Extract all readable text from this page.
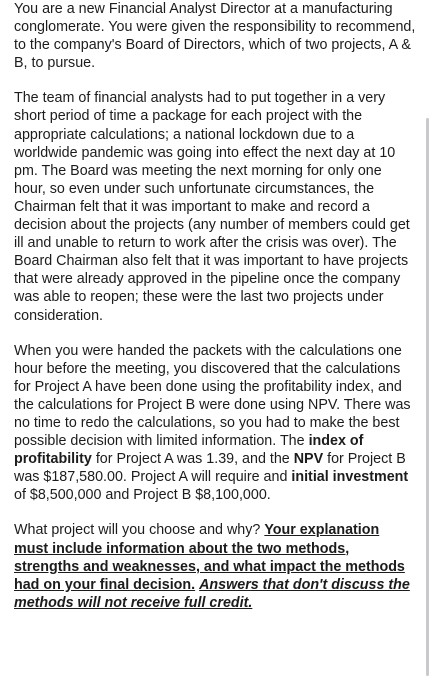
You are a new Financial Analyst Director at a manufacturing conglomerate. You were given the responsibility to recommend, to the company's Board of Directors, which of two projects, A & B, to pursue.

The team of financial analysts had to put together in a very short period of time a package for each project with the appropriate calculations; a national lockdown due to a worldwide pandemic was going into effect the next day at 10 pm. The Board was meeting the next morning for only one hour, so even under such unfortunate circumstances, the Chairman felt that it was important to make and record a decision about the projects (any number of members could get ill and unable to return to work after the crisis was over). The Board Chairman also felt that it was important to have projects that were already approved in the pipeline once the company was able to reopen; these were the last two projects under consideration.

When you were handed the packets with the calculations one hour before the meeting, you discovered that the calculations for Project A have been done using the profitability index, and the calculations for Project B were done using NPV. There was no time to redo the calculations, so you had to make the best possible decision with limited information. The index of profitability for Project A was 1.39, and the NPV for Project B was $187,580.00. Project A will require and initial investment of $8,500,000 and Project B $8,100,000.

What project will you choose and why? Your explanation must include information about the two methods, strengths and weaknesses, and what impact the methods had on your final decision. Answers that don't discuss the methods will not receive full credit.
